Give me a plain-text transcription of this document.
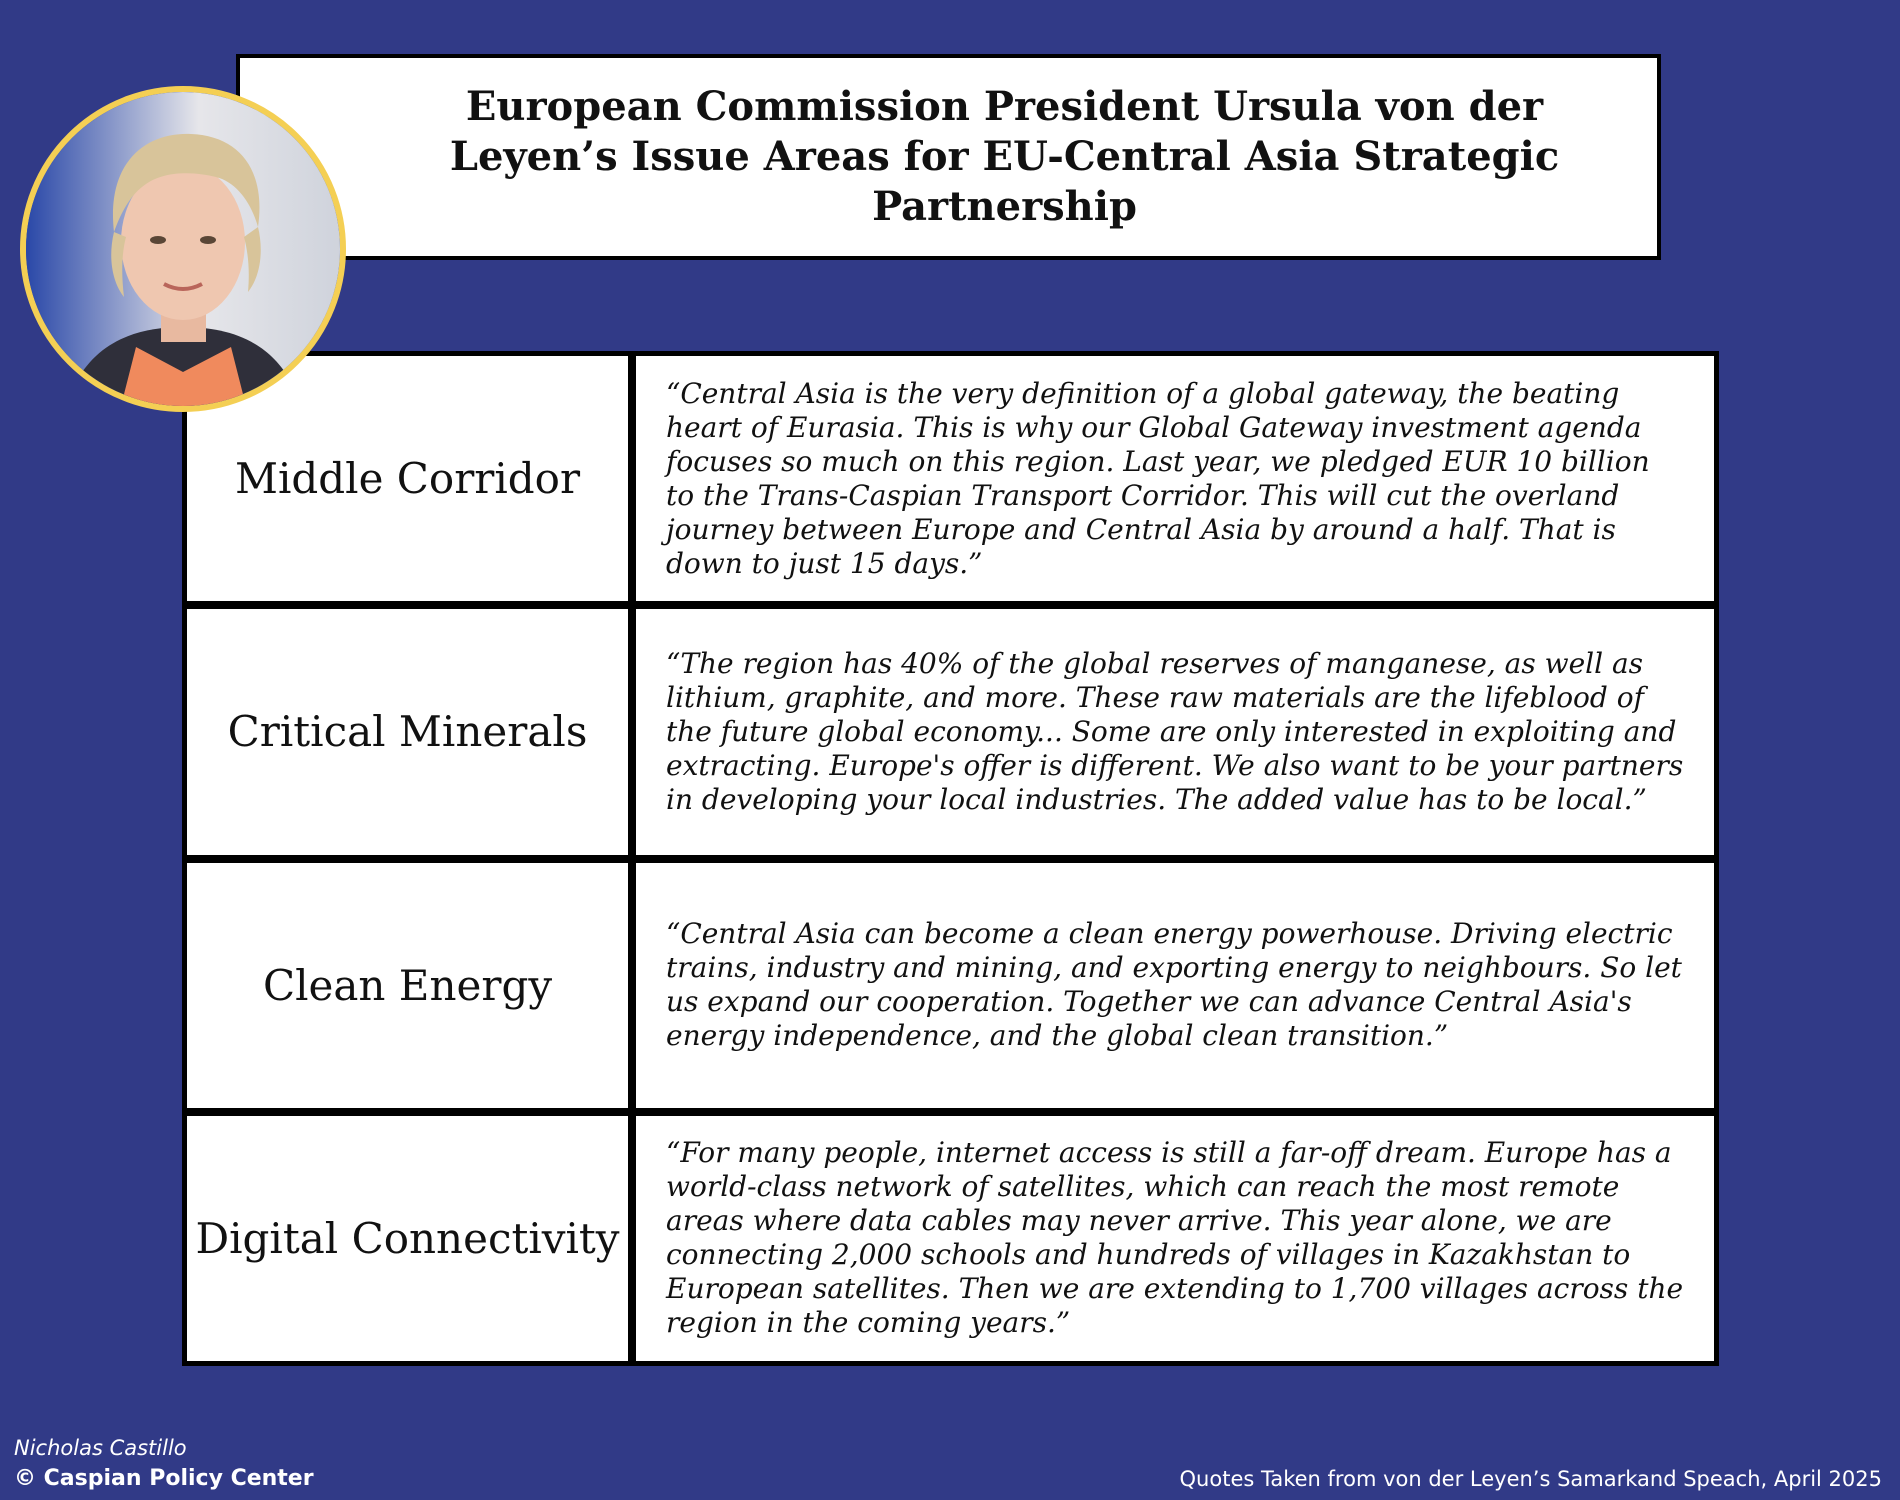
European Commission President Ursula von der Leyen’s Issue Areas for EU-Central Asia Strategic Partnership
Middle Corridor
“Central Asia is the very definition of a global gateway, the beating heart of Eurasia. This is why our Global Gateway investment agenda focuses so much on this region. Last year, we pledged EUR 10 billion to the Trans-Caspian Transport Corridor. This will cut the overland journey between Europe and Central Asia by around a half. That is down to just 15 days.”
Critical Minerals
“The region has 40% of the global reserves of manganese, as well as lithium, graphite, and more. These raw materials are the lifeblood of the future global economy... Some are only interested in exploiting and extracting. Europe's offer is different. We also want to be your partners in developing your local industries. The added value has to be local.”
Clean Energy
“Central Asia can become a clean energy powerhouse. Driving electric trains, industry and mining, and exporting energy to neighbours. So let us expand our cooperation. Together we can advance Central Asia's energy independence, and the global clean transition.”
Digital Connectivity
“For many people, internet access is still a far-off dream. Europe has a world-class network of satellites, which can reach the most remote areas where data cables may never arrive. This year alone, we are connecting 2,000 schools and hundreds of villages in Kazakhstan to European satellites. Then we are extending to 1,700 villages across the region in the coming years.”
Nicholas Castillo
© Caspian Policy Center	Quotes Taken from von der Leyen’s Samarkand Speach, April 2025
